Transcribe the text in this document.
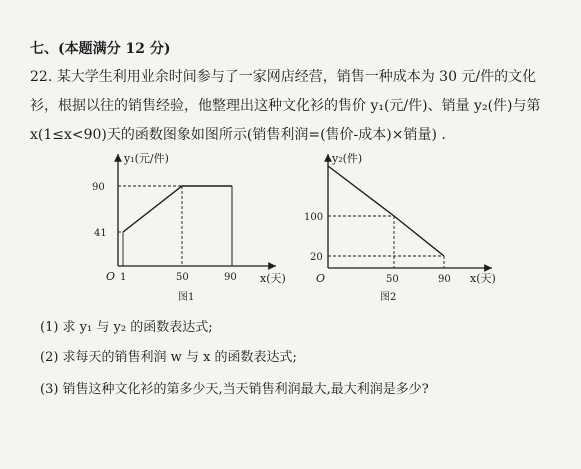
七、(本题满分 12 分)
22. 某大学生利用业余时间参与了一家网店经营，销售一种成本为 30 元/件的文化
衫，根据以往的销售经验，他整理出这种文化衫的售价 y₁(元/件)、销量 y₂(件)与第
x(1≤x<90)天的函数图象如图所示(销售利润=(售价-成本)×销量) .
y₁(元/件)
x(天)
O
90
41
1	50	90
图1
y₂(件)
x(天)
O
100
20
50	90
图2
(1) 求 y₁ 与 y₂ 的函数表达式;
(2) 求每天的销售利润 w 与 x 的函数表达式;
(3) 销售这种文化衫的第多少天,当天销售利润最大,最大利润是多少?
